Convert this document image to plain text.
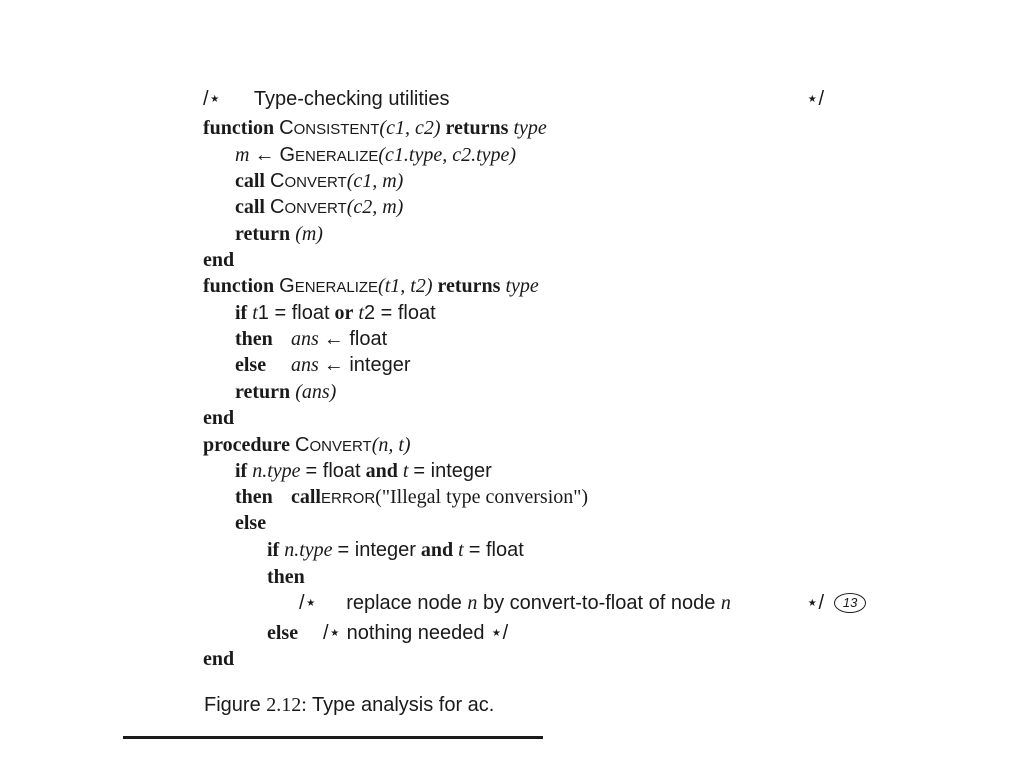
/⋆ Type-checking utilities	⋆/
function CONSISTENT(c1, c2) returns type
m ← GENERALIZE(c1.type, c2.type)
call CONVERT(c1, m)
call CONVERT(c2, m)
return (m)
end
function GENERALIZE(t1, t2) returns type
if t1 = float or t2 = float
then ans ← float
else ans ← integer
return (ans)
end
procedure CONVERT(n, t)
if n.type = float and t = integer
then callERROR("Illegal type conversion")
else
if n.type = integer and t = float
then
/⋆ replace node n by convert-to-float of node n	⋆/ 13
else /⋆ nothing needed ⋆/
end
Figure 2.12: Type analysis for ac.
